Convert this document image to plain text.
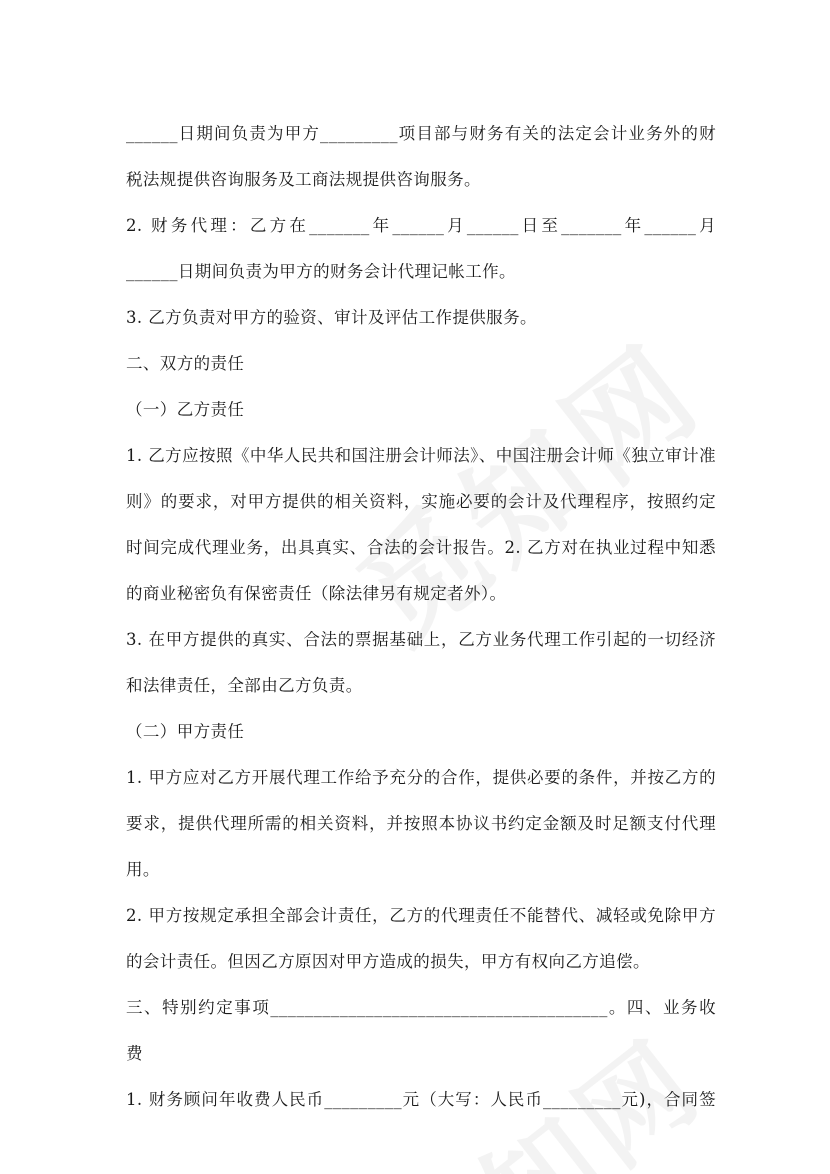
______日期间负责为甲方_________项目部与财务有关的法定会计业务外的财
税法规提供咨询服务及工商法规提供咨询服务。
2. 财务代理：乙方在_______年______月______日至_______年______月
______日期间负责为甲方的财务会计代理记帐工作。
3. 乙方负责对甲方的验资、审计及评估工作提供服务。
二、双方的责任
（一）乙方责任
1. 乙方应按照《中华人民共和国注册会计师法》、中国注册会计师《独立审计准
则》的要求，对甲方提供的相关资料，实施必要的会计及代理程序，按照约定
时间完成代理业务，出具真实、合法的会计报告。2. 乙方对在执业过程中知悉
的商业秘密负有保密责任（除法律另有规定者外）。
3. 在甲方提供的真实、合法的票据基础上，乙方业务代理工作引起的一切经济
和法律责任，全部由乙方负责。
（二）甲方责任
1. 甲方应对乙方开展代理工作给予充分的合作，提供必要的条件，并按乙方的
要求，提供代理所需的相关资料，并按照本协议书约定金额及时足额支付代理
用。
2. 甲方按规定承担全部会计责任，乙方的代理责任不能替代、减轻或免除甲方
的会计责任。但因乙方原因对甲方造成的损失，甲方有权向乙方追偿。
三、特别约定事项_______________________________________。四、业务收
费
1. 财务顾问年收费人民币_________元（大写：人民币_________元)，合同签
